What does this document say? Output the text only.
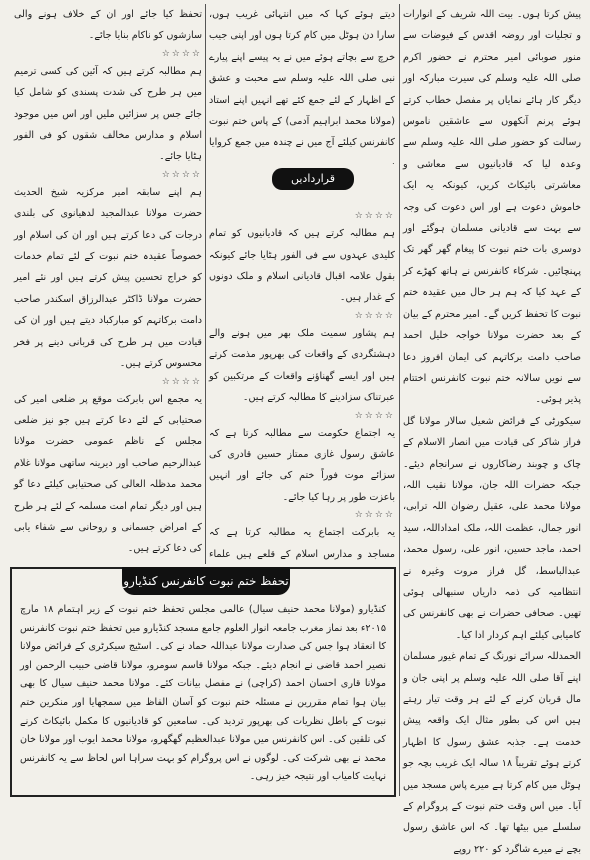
پیش کرتا ہوں۔ بیت اللہ شریف کے انوارات و تجلیات اور روضہ اقدس کے فیوضات سے منور صوبائی امیر محترم نے حضور اکرم صلی اللہ علیہ وسلم کی سیرت مبارکہ اور دیگر کار ہائے نمایاں پر مفصل خطاب کرتے ہوئے پرنم آنکھوں سے عاشقین ناموس رسالت کو حضور صلی اللہ علیہ وسلم سے وعدہ لیا کہ قادیانیوں سے معاشی و معاشرتی بائیکاٹ کریں، کیونکہ یہ ایک خاموش دعوت ہے اور اس دعوت کی وجہ سے بہت سے قادیانی مسلمان ہوگئے اور دوسری بات ختم نبوت کا پیغام گھر گھر تک پہنچائیں۔ شرکاء کانفرنس نے ہاتھ کھڑے کر کے عہد کیا کہ ہم ہر حال میں عقیدہ ختم نبوت کا تحفظ کریں گے۔ امیر محترم کے بیان کے بعد حضرت مولانا خواجہ خلیل احمد صاحب دامت برکاتہم کی ایمان افروز دعا سے نویں سالانہ ختم نبوت کانفرنس اختتام پذیر ہوئی۔

سیکورٹی کے فرائض شعیل سالار مولانا گل فراز شاکر کی قیادت میں انصار الاسلام کے چاک و چوبند رضاکاروں نے سرانجام دیئے۔ جبکہ حضرات اللہ جان، مولانا نقیب اللہ، مولانا محمد علی، عقیل رضوان اللہ ترابی، انور جمال، عظمت اللہ، ملک امداداللہ، سید احمد، ماجد حسین، انور علی، رسول محمد، عبدالباسط، گل فراز مروت وغیرہ نے انتظامیہ کی ذمہ داریاں سنبھالی ہوئی تھیں۔ صحافی حضرات نے بھی کانفرنس کی کامیابی کیلئے اہم کردار ادا کیا۔

الحمدللہ سرائے نورنگ کے تمام غیور مسلمان اپنے آقا صلی اللہ علیہ وسلم پر اپنی جان و مال قربان کرنے کے لئے ہر وقت تیار رہتے ہیں اس کی بطور مثال ایک واقعہ پیش خدمت ہے۔ جذبہ عشق رسول کا اظہار کرتے ہوئے تقریباً ۱۸ سالہ ایک غریب بچہ جو ہوٹل میں کام کرتا ہے میرے پاس مسجد میں آیا۔ میں اس وقت ختم نبوت کے پروگرام کے سلسلے میں بیٹھا تھا۔ کہ اس عاشق رسول بچے نے میرے شاگرد کو ۲۲۰ روپے

دیتے ہوئے کہا کہ میں انتہائی غریب ہوں، سارا دن ہوٹل میں کام کرتا ہوں اور اپنی جیب خرچ سے بچاتے ہوئے میں نے یہ پیسے اپنے پیارے نبی صلی اللہ علیہ وسلم سے محبت و عشق کے اظہار کے لئے جمع کئے تھے انہیں اپنے استاد (مولانا محمد ابراہیم آدمی) کے پاس ختم نبوت کانفرنس کیلئے آج میں نے چندہ میں جمع کروایا

☆☆☆☆
ہم مطالبہ کرتے ہیں کہ قادیانیوں کو تمام کلیدی عہدوں سے فی الفور ہٹایا جائے کیونکہ بقول علامہ اقبال قادیانی اسلام و ملک دونوں کے غدار ہیں۔

☆☆☆☆
ہم پشاور سمیت ملک بھر میں ہونے والے دہشتگردی کے واقعات کی بھرپور مذمت کرتے ہیں اور ایسے گھناؤنے واقعات کے مرتکبین کو عبرتناک سزادینے کا مطالبہ کرتے ہیں۔

☆☆☆☆
یہ اجتماع حکومت سے مطالبہ کرتا ہے کہ عاشق رسول غازی ممتاز حسین قادری کی سزائے موت فوراً ختم کی جائے اور انہیں باعزت طور پر رہا کیا جائے۔

☆☆☆☆
یہ بابرکت اجتماع یہ مطالبہ کرتا ہے کہ مساجد و مدارس اسلام کے قلعے ہیں علماء

تحفظ کیا جائے اور ان کے خلاف ہونے والی سازشوں کو ناکام بنایا جائے۔

☆☆☆☆
ہم مطالبہ کرتے ہیں کہ آئین کی کسی ترمیم میں ہر طرح کی شدت پسندی کو شامل کیا جائے جس پر سزائیں ملیں اور اس میں موجود اسلام و مدارس مخالف شقوں کو فی الفور ہٹایا جائے۔

☆☆☆☆
ہم اپنے سابقہ امیر مرکزیہ شیخ الحدیث حضرت مولانا عبدالمجید لدھیانوی کی بلندی درجات کی دعا کرتے ہیں اور ان کی اسلام اور خصوصاً عقیدہ ختم نبوت کے لئے تمام خدمات کو خراج تحسین پیش کرتے ہیں اور نئے امیر حضرت مولانا ڈاکٹر عبدالرزاق اسکندر صاحب دامت برکاتہم کو مبارکباد دیتے ہیں اور ان کی قیادت میں ہر طرح کی قربانی دینے پر فخر محسوس کرتے ہیں۔

☆☆☆☆
یہ مجمع اس بابرکت موقع پر ضلعی امیر کی صحتیابی کے لئے دعا کرتے ہیں جو نیز ضلعی مجلس کے ناظم عمومی حضرت مولانا عبدالرحیم صاحب اور دیرینہ ساتھی مولانا غلام محمد مدظلہ العالی کی صحتیابی کیلئے دعا گو ہیں اور دیگر تمام امت مسلمہ کے لئے ہر طرح کے امراض جسمانی و روحانی سے شفاء یابی کی دعا کرتے ہیں۔

قراردادیں
تحفظ ختم نبوت کانفرنس کنڈیارو

کنڈیارو (مولانا محمد حنیف سیال) عالمی مجلس تحفظ ختم نبوت کے زیر اہتمام ۱۸ مارچ ۲۰۱۵ء بعد نماز مغرب جامعہ انوار العلوم جامع مسجد کنڈیارو میں تحفظ ختم نبوت کانفرنس کا انعقاد ہوا جس کی صدارت مولانا عبداللہ حماد نے کی۔ اسٹیج سیکرٹری کے فرائض مولانا نصیر احمد قاضی نے انجام دیئے۔ جبکہ مولانا قاسم سومرو، مولانا قاضی حبیب الرحمن اور مولانا قاری احسان احمد (کراچی) نے مفصل بیانات کئے۔ مولانا محمد حنیف سیال کا بھی بیان ہوا تمام مقررین نے مسئلہ ختم نبوت کو آسان الفاظ میں سمجھایا اور منکرین ختم نبوت کے باطل نظریات کی بھرپور تردید کی۔ سامعین کو قادیانیوں کا مکمل بائیکاٹ کرنے کی تلقین کی۔ اس کانفرنس میں مولانا عبدالعظیم گھگھرو، مولانا محمد ایوب اور مولانا خان محمد نے بھی شرکت کی۔ لوگوں نے اس پروگرام کو بہت سراہا اس لحاظ سے یہ کانفرنس نہایت کامیاب اور نتیجہ خیز رہی۔
